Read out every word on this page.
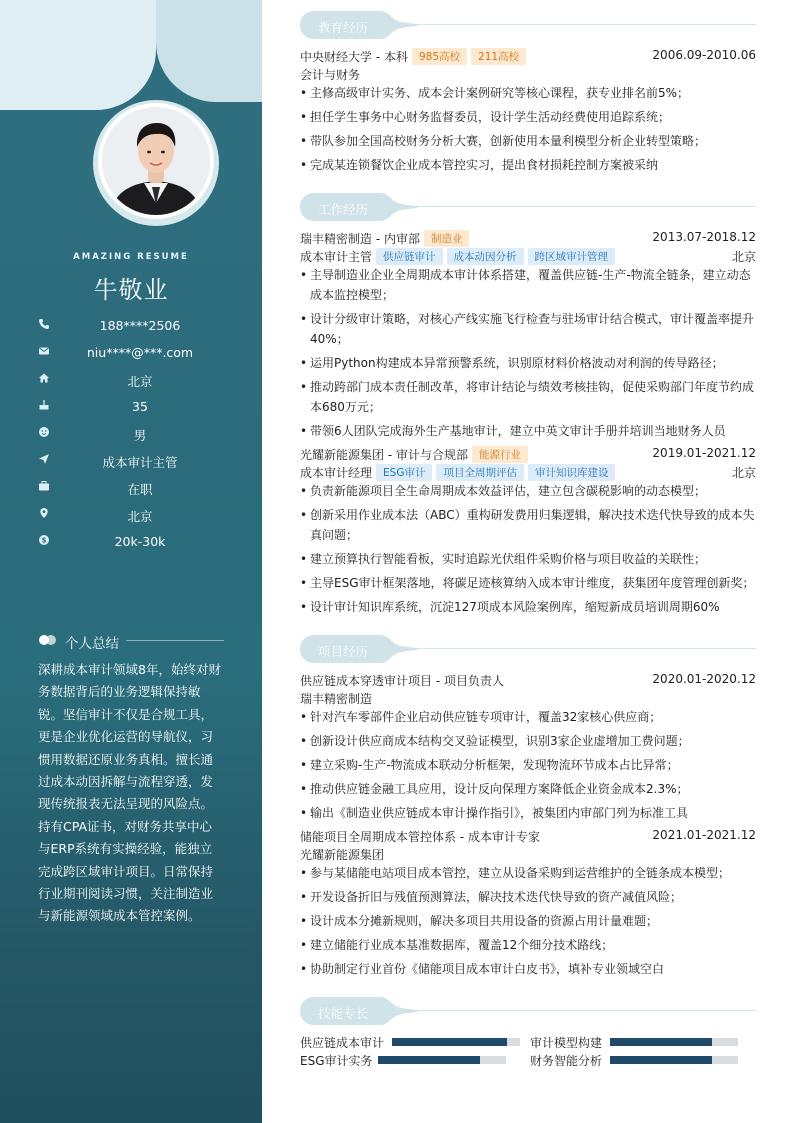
AMAZING RESUME
牛敬业
188****2506
niu****@***.com
北京
35
男
成本审计主管
在职
北京
$	20k-30k
个人总结
深耕成本审计领域8年，始终对财务数据背后的业务逻辑保持敏锐。坚信审计不仅是合规工具，更是企业优化运营的导航仪，习惯用数据还原业务真相。擅长通过成本动因拆解与流程穿透，发现传统报表无法呈现的风险点。持有CPA证书，对财务共享中心与ERP系统有实操经验，能独立完成跨区域审计项目。日常保持行业期刊阅读习惯，关注制造业与新能源领域成本管控案例。
教育经历
中央财经大学 - 本科 985高校 211高校	2006.09-2010.06
会计与财务
• 主修高级审计实务、成本会计案例研究等核心课程，获专业排名前5%；
• 担任学生事务中心财务监督委员，设计学生活动经费使用追踪系统；
• 带队参加全国高校财务分析大赛，创新使用本量利模型分析企业转型策略；
• 完成某连锁餐饮企业成本管控实习，提出食材损耗控制方案被采纳
工作经历
瑞丰精密制造 - 内审部 制造业	2013.07-2018.12
成本审计主管 供应链审计 成本动因分析 跨区域审计管理	北京
• 主导制造业企业全周期成本审计体系搭建，覆盖供应链-生产-物流全链条，建立动态成本监控模型；
• 设计分级审计策略，对核心产线实施飞行检查与驻场审计结合模式，审计覆盖率提升40%；
• 运用Python构建成本异常预警系统，识别原材料价格波动对利润的传导路径；
• 推动跨部门成本责任制改革，将审计结论与绩效考核挂钩，促使采购部门年度节约成本680万元；
• 带领6人团队完成海外生产基地审计，建立中英文审计手册并培训当地财务人员
光耀新能源集团 - 审计与合规部 能源行业	2019.01-2021.12
成本审计经理 ESG审计 项目全周期评估 审计知识库建设	北京
• 负责新能源项目全生命周期成本效益评估，建立包含碳税影响的动态模型；
• 创新采用作业成本法（ABC）重构研发费用归集逻辑，解决技术迭代快导致的成本失真问题；
• 建立预算执行智能看板，实时追踪光伏组件采购价格与项目收益的关联性；
• 主导ESG审计框架落地，将碳足迹核算纳入成本审计维度，获集团年度管理创新奖；
• 设计审计知识库系统，沉淀127项成本风险案例库，缩短新成员培训周期60%
项目经历
供应链成本穿透审计项目 - 项目负责人	2020.01-2020.12
瑞丰精密制造
• 针对汽车零部件企业启动供应链专项审计，覆盖32家核心供应商；
• 创新设计供应商成本结构交叉验证模型，识别3家企业虚增加工费问题；
• 建立采购-生产-物流成本联动分析框架，发现物流环节成本占比异常；
• 推动供应链金融工具应用，设计反向保理方案降低企业资金成本2.3%；
• 输出《制造业供应链成本审计操作指引》，被集团内审部门列为标准工具
储能项目全周期成本管控体系 - 成本审计专家	2021.01-2021.12
光耀新能源集团
• 参与某储能电站项目成本管控，建立从设备采购到运营维护的全链条成本模型；
• 开发设备折旧与残值预测算法，解决技术迭代快导致的资产减值风险；
• 设计成本分摊新规则，解决多项目共用设备的资源占用计量难题；
• 建立储能行业成本基准数据库，覆盖12个细分技术路线；
• 协助制定行业首份《储能项目成本审计白皮书》，填补专业领域空白
技能专长
供应链成本审计	审计模型构建
ESG审计实务	财务智能分析
